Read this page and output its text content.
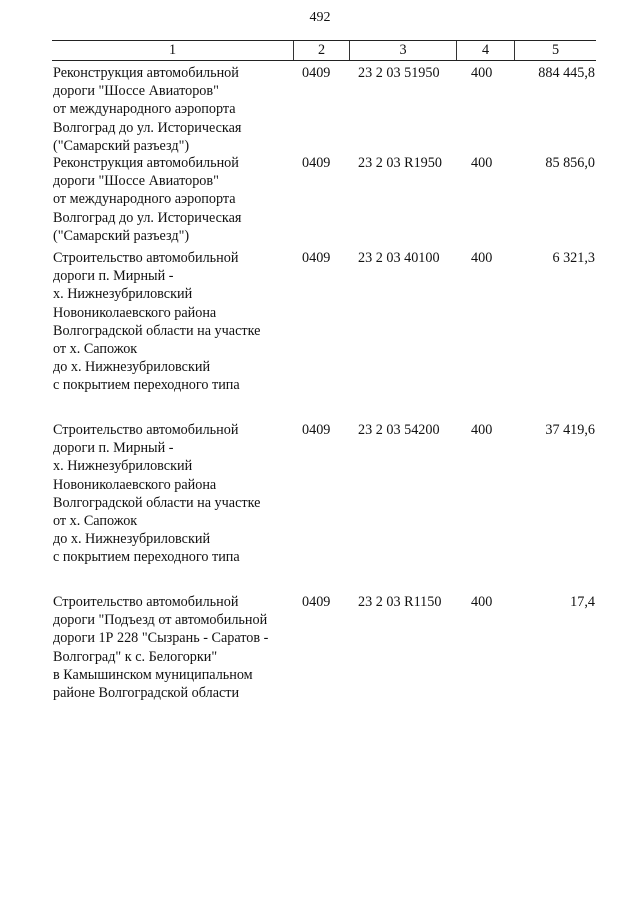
492
1	2	3	4	5
Реконструкция автомобильной
дороги "Шоссе Авиаторов"
от международного аэропорта
Волгоград до ул. Историческая
("Самарский разъезд")
0409	23 2 03 51950	400	884 445,8
Реконструкция автомобильной
дороги "Шоссе Авиаторов"
от международного аэропорта
Волгоград до ул. Историческая
("Самарский разъезд")
0409	23 2 03 R1950	400	85 856,0
Строительство автомобильной
дороги п. Мирный -
х. Нижнезубриловский
Новониколаевского района
Волгоградской области на участке
от х. Сапожок
до х. Нижнезубриловский
с покрытием переходного типа
0409	23 2 03 40100	400	6 321,3
Строительство автомобильной
дороги п. Мирный -
х. Нижнезубриловский
Новониколаевского района
Волгоградской области на участке
от х. Сапожок
до х. Нижнезубриловский
с покрытием переходного типа
0409	23 2 03 54200	400	37 419,6
Строительство автомобильной
дороги "Подъезд от автомобильной
дороги 1Р 228 "Сызрань - Саратов -
Волгоград" к с. Белогорки"
в Камышинском муниципальном
районе Волгоградской области
0409	23 2 03 R1150	400	17,4
